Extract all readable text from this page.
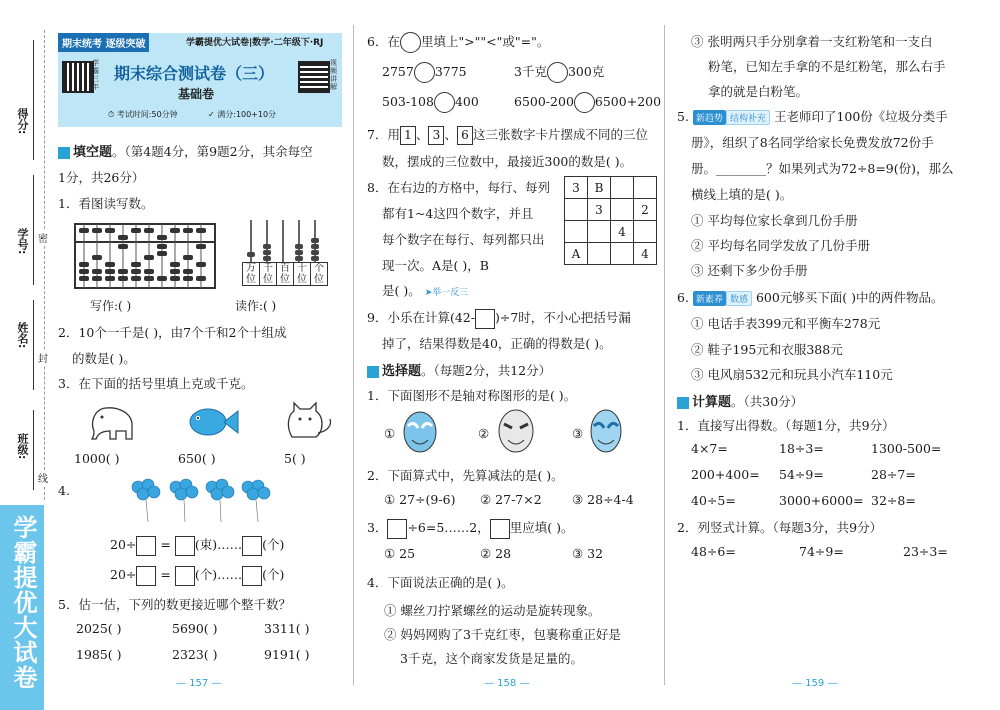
得分:
学号:
姓名:
班级:
密
封
线
学霸提优大试卷
期末统考 逐级突破	学霸提优大试卷|数学·二年级下·RJ
学霸三年
期末综合测试卷（三）
基础卷
视频讲解
⏱ 考试时间:50分钟	✓ 满分:100+10分
填空题。（第4题4分，第9题2分，其余每空
1分，共26分）
1．看图读写数。
万位
千位
百位
十位
个位
写作:( )	读作:( )
2．10个一千是( )，由7个千和2个十组成
的数是( )。
3．在下面的括号里填上克或千克。
1000( )	650( )	5( )
4.
20÷ = (束)…… (个)
20÷ = (个)…… (个)
5．估一估，下列的数更接近哪个整千数？
2025( )	5690( )	3311( )
1985( )	2323( )	9191( )
— 157 —
6．在 里填上">""<"或"="。
2757 3775	3千克 300克
503-108 400	6500-200 6500+200
7．用 1 、 3 、 6 这三张数字卡片摆成不同的三位
数，摆成的三位数中，最接近300的数是( )。
8．在右边的方格中，每行、每列
都有1~4这四个数字，并且
每个数字在每行、每列都只出
现一次。A是( )，B
是( )。 ➤举一反三
3	B		
	3		2
		4	
A			4
9．小乐在计算(42- )÷7时，不小心把括号漏
掉了，结果得数是40，正确的得数是( )。
选择题。（每题2分，共12分）
1．下面图形不是轴对称图形的是( )。
①	②	③
2．下面算式中，先算减法的是( )。
① 27÷(9-6) ② 27-7×2 ③ 28÷4-4
3． ÷6=5……2， 里应填( )。
① 25	② 28	③ 32
4．下面说法正确的是( )。
① 螺丝刀拧紧螺丝的运动是旋转现象。
② 妈妈网购了3千克红枣，包裹称重正好是
3千克，这个商家发货是足量的。
— 158 —
③ 张明两只手分别拿着一支红粉笔和一支白
粉笔，已知左手拿的不是红粉笔，那么右手
拿的就是白粉笔。
5. 新趋势 结构补充 王老师印了100份《垃圾分类手
册》，组织了8名同学给家长免费发放72份手
册。________？如果列式为72÷8=9(份)，那么
横线上填的是( )。
① 平均每位家长拿到几份手册
② 平均每名同学发放了几份手册
③ 还剩下多少份手册
6. 新素养 数感 600元够买下面( )中的两件物品。
① 电话手表399元和平衡车278元
② 鞋子195元和衣服388元
③ 电风扇532元和玩具小汽车110元
计算题。（共30分）
1．直接写出得数。（每题1分，共9分）
4×7=	18÷3=	1300-500=
200+400= 54÷9=	28÷7=
40÷5=	3000+6000= 32÷8=
2．列竖式计算。（每题3分，共9分）
48÷6=	74÷9=	23÷3=
— 159 —
